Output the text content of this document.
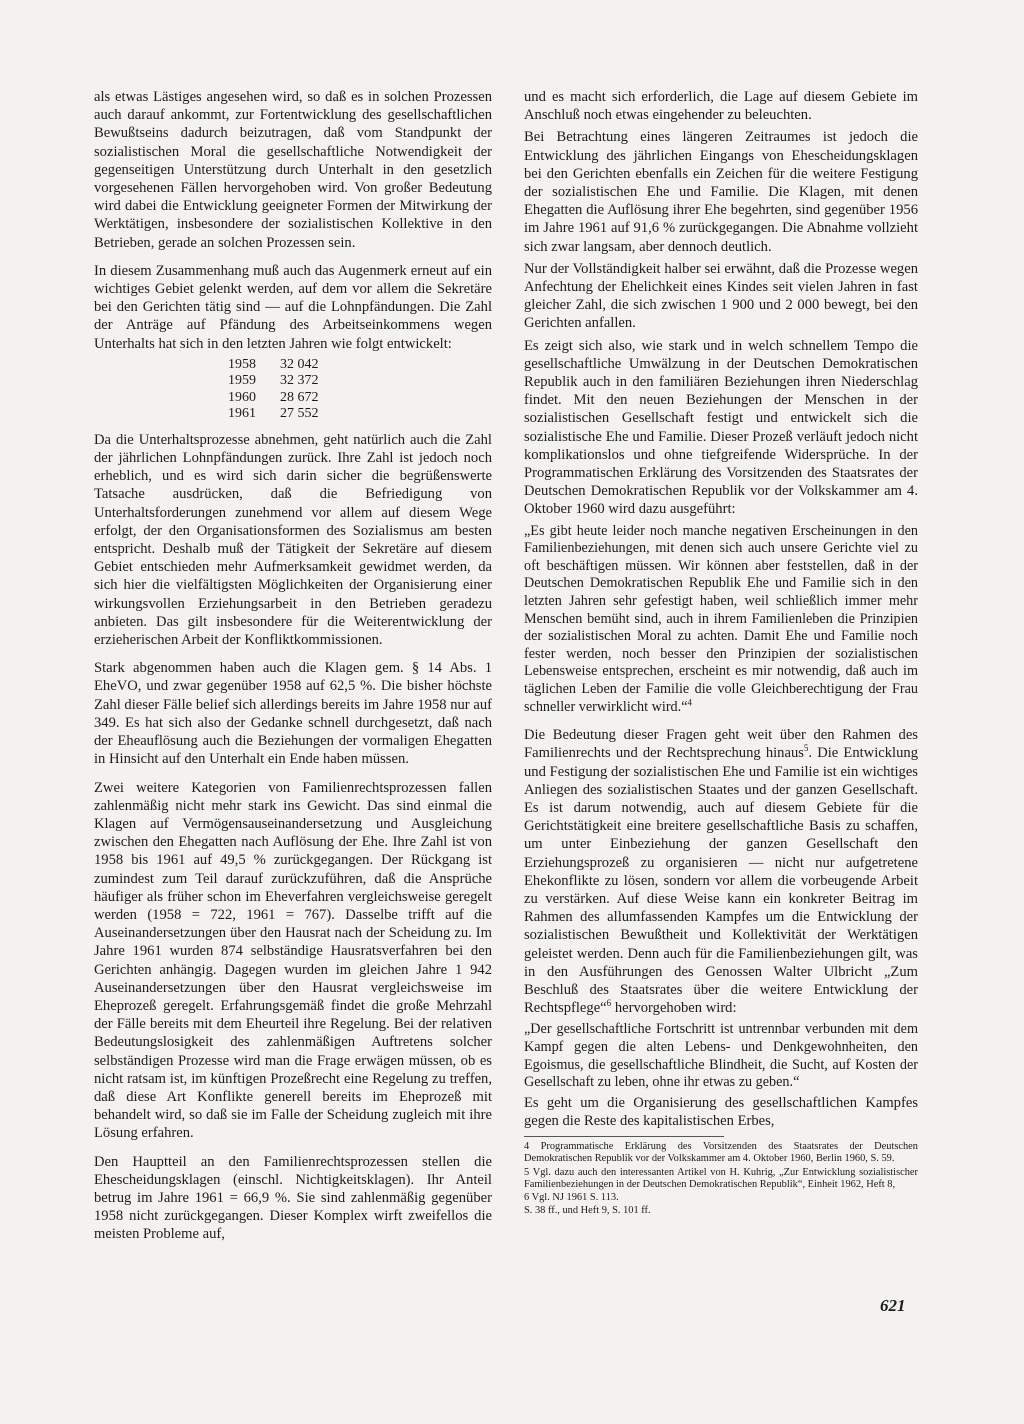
als etwas Lästiges angesehen wird, so daß es in solchen Prozessen auch darauf ankommt, zur Fortentwicklung des gesellschaftlichen Bewußtseins dadurch beizutragen, daß vom Standpunkt der sozialistischen Moral die gesellschaftliche Notwendigkeit der gegenseitigen Unterstützung durch Unterhalt in den gesetzlich vorgesehenen Fällen hervorgehoben wird. Von großer Bedeutung wird dabei die Entwicklung geeigneter Formen der Mitwirkung der Werktätigen, insbesondere der sozialistischen Kollektive in den Betrieben, gerade an solchen Prozessen sein.

In diesem Zusammenhang muß auch das Augenmerk erneut auf ein wichtiges Gebiet gelenkt werden, auf dem vor allem die Sekretäre bei den Gerichten tätig sind — auf die Lohnpfändungen. Die Zahl der Anträge auf Pfändung des Arbeitseinkommens wegen Unterhalts hat sich in den letzten Jahren wie folgt entwickelt:

1958	32 042
1959	32 372
1960	28 672
1961	27 552

Da die Unterhaltsprozesse abnehmen, geht natürlich auch die Zahl der jährlichen Lohnpfändungen zurück. Ihre Zahl ist jedoch noch erheblich, und es wird sich darin sicher die begrüßenswerte Tatsache ausdrücken, daß die Befriedigung von Unterhaltsforderungen zunehmend vor allem auf diesem Wege erfolgt, der den Organisationsformen des Sozialismus am besten entspricht. Deshalb muß der Tätigkeit der Sekretäre auf diesem Gebiet entschieden mehr Aufmerksamkeit gewidmet werden, da sich hier die vielfältigsten Möglichkeiten der Organisierung einer wirkungsvollen Erziehungsarbeit in den Betrieben geradezu anbieten. Das gilt insbesondere für die Weiterentwicklung der erzieherischen Arbeit der Konfliktkommissionen.

Stark abgenommen haben auch die Klagen gem. § 14 Abs. 1 EheVO, und zwar gegenüber 1958 auf 62,5 %. Die bisher höchste Zahl dieser Fälle belief sich allerdings bereits im Jahre 1958 nur auf 349. Es hat sich also der Gedanke schnell durchgesetzt, daß nach der Eheauflösung auch die Beziehungen der vormaligen Ehegatten in Hinsicht auf den Unterhalt ein Ende haben müssen.

Zwei weitere Kategorien von Familienrechtsprozessen fallen zahlenmäßig nicht mehr stark ins Gewicht. Das sind einmal die Klagen auf Vermögensauseinandersetzung und Ausgleichung zwischen den Ehegatten nach Auflösung der Ehe. Ihre Zahl ist von 1958 bis 1961 auf 49,5 % zurückgegangen. Der Rückgang ist zumindest zum Teil darauf zurückzuführen, daß die Ansprüche häufiger als früher schon im Eheverfahren vergleichsweise geregelt werden (1958 = 722, 1961 = 767). Dasselbe trifft auf die Auseinandersetzungen über den Hausrat nach der Scheidung zu. Im Jahre 1961 wurden 874 selbständige Hausratsverfahren bei den Gerichten anhängig. Dagegen wurden im gleichen Jahre 1 942 Auseinandersetzungen über den Hausrat vergleichsweise im Eheprozeß geregelt. Erfahrungsgemäß findet die große Mehrzahl der Fälle bereits mit dem Eheurteil ihre Regelung. Bei der relativen Bedeutungslosigkeit des zahlenmäßigen Auftretens solcher selbständigen Prozesse wird man die Frage erwägen müssen, ob es nicht ratsam ist, im künftigen Prozeßrecht eine Regelung zu treffen, daß diese Art Konflikte generell bereits im Eheprozeß mit behandelt wird, so daß sie im Falle der Scheidung zugleich mit ihre Lösung erfahren.

Den Hauptteil an den Familienrechtsprozessen stellen die Ehescheidungsklagen (einschl. Nichtigkeitsklagen). Ihr Anteil betrug im Jahre 1961 = 66,9 %. Sie sind zahlenmäßig gegenüber 1958 nicht zurückgegangen. Dieser Komplex wirft zweifellos die meisten Probleme auf,

und es macht sich erforderlich, die Lage auf diesem Gebiete im Anschluß noch etwas eingehender zu beleuchten.

Bei Betrachtung eines längeren Zeitraumes ist jedoch die Entwicklung des jährlichen Eingangs von Ehescheidungsklagen bei den Gerichten ebenfalls ein Zeichen für die weitere Festigung der sozialistischen Ehe und Familie. Die Klagen, mit denen Ehegatten die Auflösung ihrer Ehe begehrten, sind gegenüber 1956 im Jahre 1961 auf 91,6 % zurückgegangen. Die Abnahme vollzieht sich zwar langsam, aber dennoch deutlich.

Nur der Vollständigkeit halber sei erwähnt, daß die Prozesse wegen Anfechtung der Ehelichkeit eines Kindes seit vielen Jahren in fast gleicher Zahl, die sich zwischen 1 900 und 2 000 bewegt, bei den Gerichten anfallen.

Es zeigt sich also, wie stark und in welch schnellem Tempo die gesellschaftliche Umwälzung in der Deutschen Demokratischen Republik auch in den familiären Beziehungen ihren Niederschlag findet. Mit den neuen Beziehungen der Menschen in der sozialistischen Gesellschaft festigt und entwickelt sich die sozialistische Ehe und Familie. Dieser Prozeß verläuft jedoch nicht komplikationslos und ohne tiefgreifende Widersprüche. In der Programmatischen Erklärung des Vorsitzenden des Staatsrates der Deutschen Demokratischen Republik vor der Volkskammer am 4. Oktober 1960 wird dazu ausgeführt:

„Es gibt heute leider noch manche negativen Erscheinungen in den Familienbeziehungen, mit denen sich auch unsere Gerichte viel zu oft beschäftigen müssen. Wir können aber feststellen, daß in der Deutschen Demokratischen Republik Ehe und Familie sich in den letzten Jahren sehr gefestigt haben, weil schließlich immer mehr Menschen bemüht sind, auch in ihrem Familienleben die Prinzipien der sozialistischen Moral zu achten. Damit Ehe und Familie noch fester werden, noch besser den Prinzipien der sozialistischen Lebensweise entsprechen, erscheint es mir notwendig, daß auch im täglichen Leben der Familie die volle Gleichberechtigung der Frau schneller verwirklicht wird.“$^4$

Die Bedeutung dieser Fragen geht weit über den Rahmen des Familienrechts und der Rechtsprechung hinaus$^5$. Die Entwicklung und Festigung der sozialistischen Ehe und Familie ist ein wichtiges Anliegen des sozialistischen Staates und der ganzen Gesellschaft. Es ist darum notwendig, auch auf diesem Gebiete für die Gerichtstätigkeit eine breitere gesellschaftliche Basis zu schaffen, um unter Einbeziehung der ganzen Gesellschaft den Erziehungsprozeß zu organisieren — nicht nur aufgetretene Ehekonflikte zu lösen, sondern vor allem die vorbeugende Arbeit zu verstärken. Auf diese Weise kann ein konkreter Beitrag im Rahmen des allumfassenden Kampfes um die Entwicklung der sozialistischen Bewußtheit und Kollektivität der Werktätigen geleistet werden. Denn auch für die Familienbeziehungen gilt, was in den Ausführungen des Genossen Walter Ulbricht „Zum Beschluß des Staatsrates über die weitere Entwicklung der Rechtspflege“$^6$ hervorgehoben wird:

„Der gesellschaftliche Fortschritt ist untrennbar verbunden mit dem Kampf gegen die alten Lebens- und Denkgewohnheiten, den Egoismus, die gesellschaftliche Blindheit, die Sucht, auf Kosten der Gesellschaft zu leben, ohne ihr etwas zu geben.“

Es geht um die Organisierung des gesellschaftlichen Kampfes gegen die Reste des kapitalistischen Erbes,

4 Programmatische Erklärung des Vorsitzenden des Staatsrates der Deutschen Demokratischen Republik vor der Volkskammer am 4. Oktober 1960, Berlin 1960, S. 59.

5 Vgl. dazu auch den interessanten Artikel von H. Kuhrig, „Zur Entwicklung sozialistischer Familienbeziehungen in der Deutschen Demokratischen Republik“, Einheit 1962, Heft 8,

6 Vgl. NJ 1961 S. 113.

S. 38 ff., und Heft 9, S. 101 ff.

621
